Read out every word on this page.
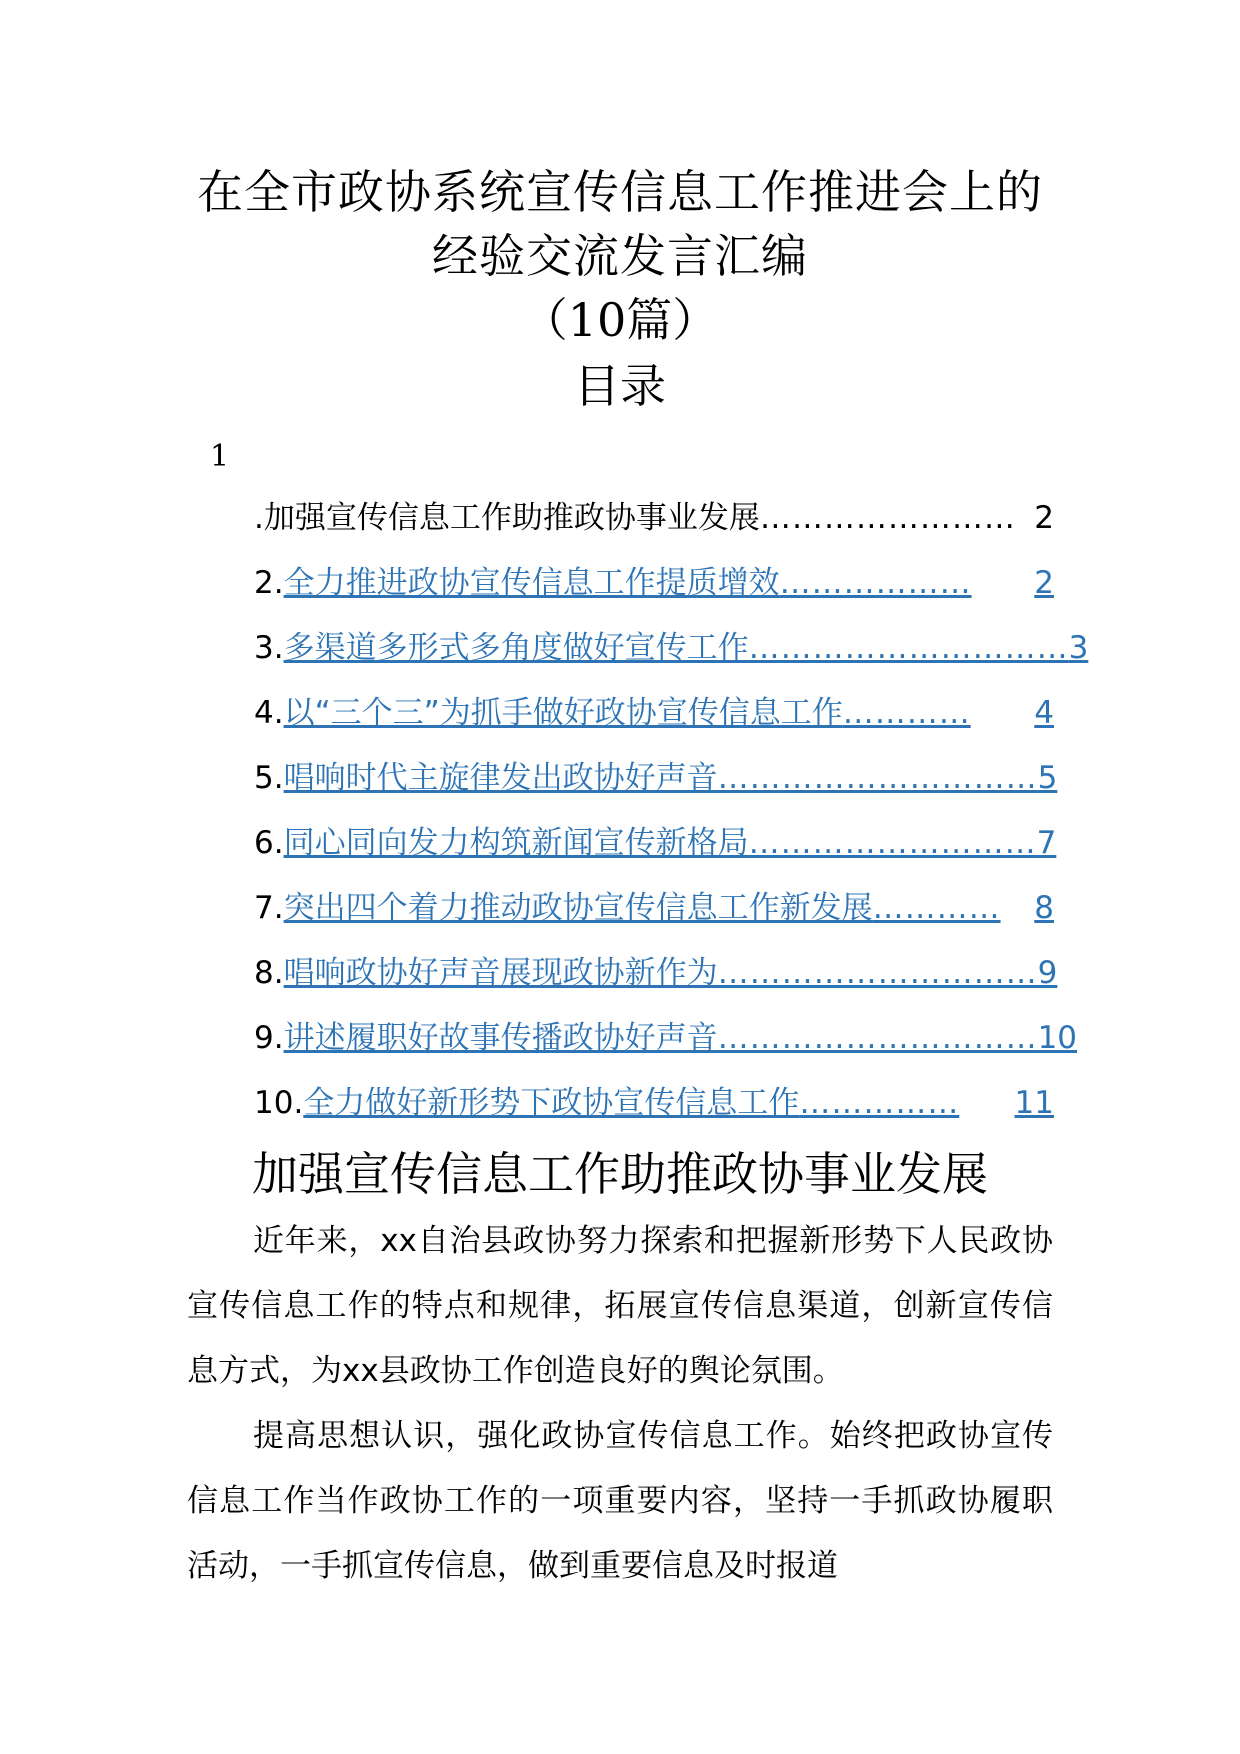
在全市政协系统宣传信息工作推进会上的
经验交流发言汇编
（10篇）
目录
1
.加强宣传信息工作助推政协事业发展 …………………… 2
2. 全力推进政协宣传信息工作提质增效 ………………	2
3. 多渠道多形式多角度做好宣传工作 ………………………… 3
4. 以“三个三”为抓手做好政协宣传信息工作 …………	4
5. 唱响时代主旋律发出政协好声音 ………………………… 5
6. 同心同向发力构筑新闻宣传新格局 ……………………… 7
7. 突出四个着力推动政协宣传信息工作新发展 …………	8
8. 唱响政协好声音展现政协新作为 ………………………… 9
9. 讲述履职好故事传播政协好声音 ………………………… 10
10. 全力做好新形势下政协宣传信息工作 ……………	11
加强宣传信息工作助推政协事业发展

近年来，xx自治县政协努力探索和把握新形势下人民政协宣传信息工作的特点和规律，拓展宣传信息渠道，创新宣传信息方式，为xx县政协工作创造良好的舆论氛围。

提高思想认识，强化政协宣传信息工作。始终把政协宣传信息工作当作政协工作的一项重要内容，坚持一手抓政协履职活动，一手抓宣传信息，做到重要信息及时报道
